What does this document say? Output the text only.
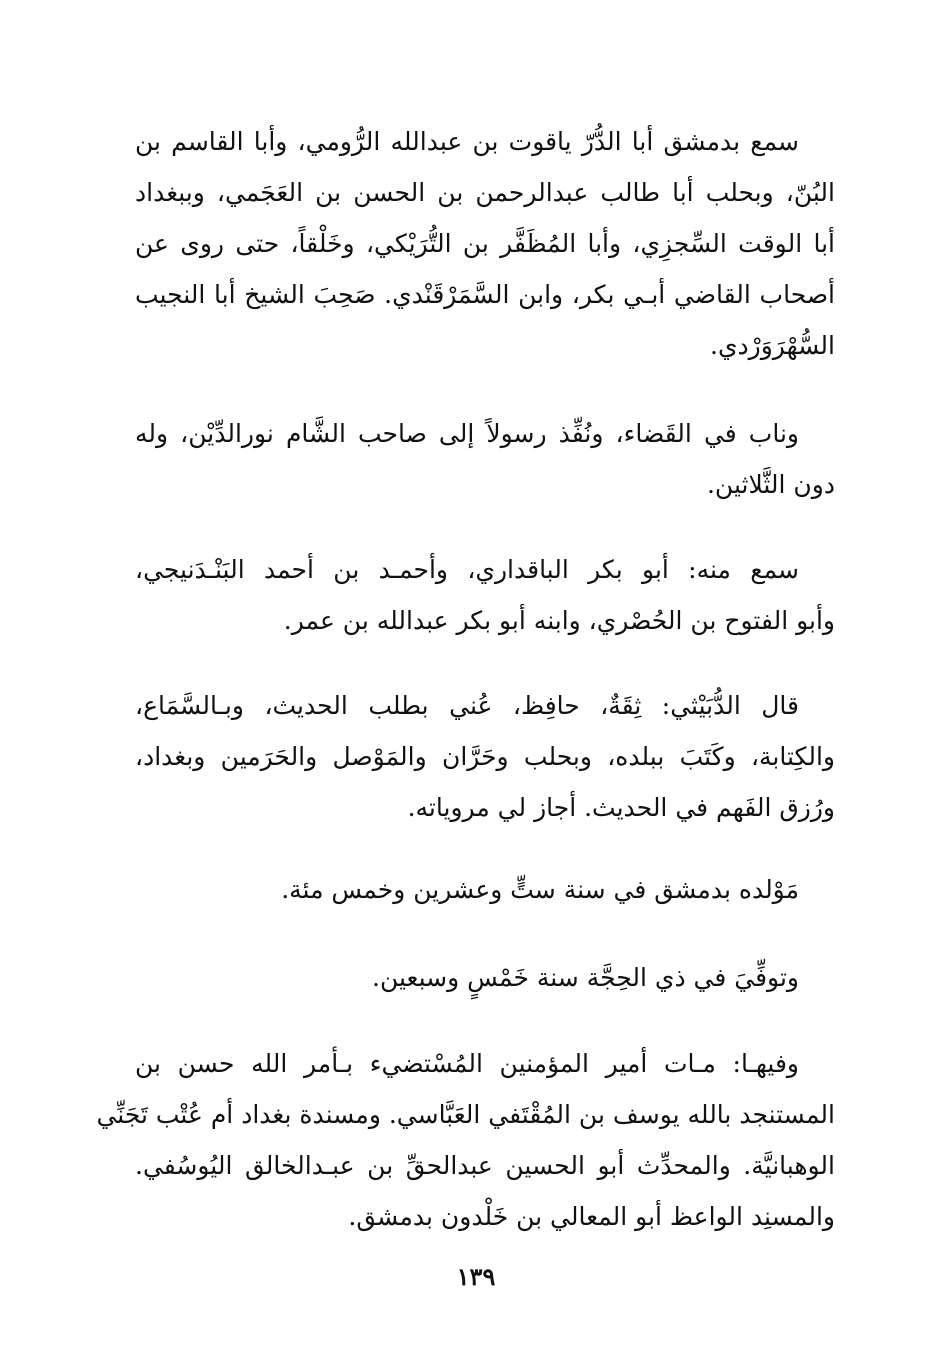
سمع بدمشق أبا الدُّرّ ياقوت بن عبدالله الرُّومي، وأبا القاسم بن
البُنّ، وبحلب أبا طالب عبدالرحمن بن الحسن بن العَجَمي، وببغداد
أبا الوقت السِّجزِي، وأبا المُظَفَّر بن التُّرَيْكي، وخَلْقاً، حتى روى عن
أصحاب القاضي أبـي بكر، وابن السَّمَرْقَنْدي. صَحِبَ الشيخ أبا النجيب
السُّهْرَوَرْدي.
وناب في القَضاء، ونُفِّذ رسولاً إلى صاحب الشَّام نورالدِّيْن، وله
دون الثَّلاثين.
سمع منه: أبو بكر الباقداري، وأحمـد بن أحمد البَنْـدَنيجي،
وأبو الفتوح بن الحُصْري، وابنه أبو بكر عبدالله بن عمر.
قال الدُّبَيْثي: ثِقَةٌ، حافِظ، عُني بطلب الحديث، وبـالسَّمَاع،
والكِتابة، وكَتَبَ ببلده، وبحلب وحَرَّان والمَوْصل والحَرَمين وبغداد،
ورُزق الفَهم في الحديث. أجاز لي مروياته.
مَوْلده بدمشق في سنة ستٍّ وعشرين وخمس مئة.
وتوفِّيَ في ذي الحِجَّة سنة خَمْسٍ وسبعين.
وفيهـا: مـات أمير المؤمنين المُسْتضيء بـأمر الله حسن بن
المستنجد بالله يوسف بن المُقْتَفي العَبَّاسي. ومسندة بغداد أم عُتْب تَجَنِّي
الوهبانيَّة. والمحدِّث أبو الحسين عبدالحقِّ بن عبـدالخالق اليُوسُفي.
والمسنِد الواعظ أبو المعالي بن خَلْدون بدمشق.
١٣٩
